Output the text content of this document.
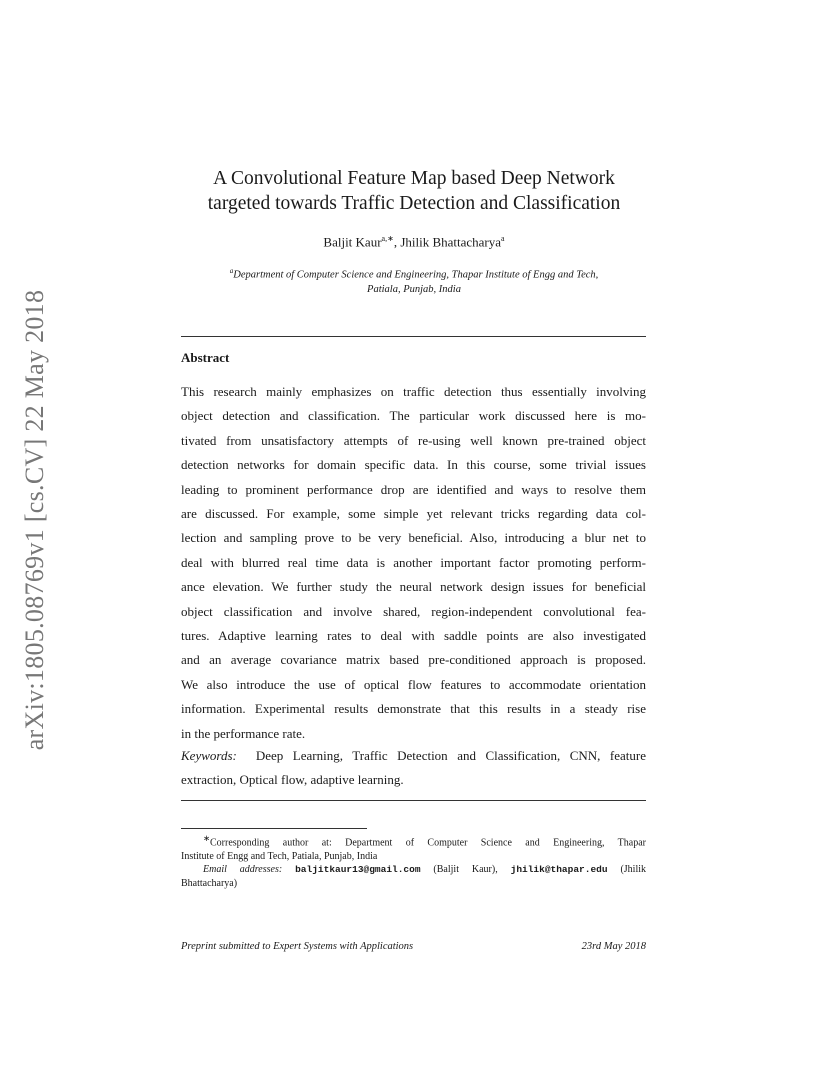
arXiv:1805.08769v1 [cs.CV] 22 May 2018
A Convolutional Feature Map based Deep Network
targeted towards Traffic Detection and Classification
Baljit Kaur$^{a,∗}$, Jhilik Bhattacharya$^a$
$^a$Department of Computer Science and Engineering, Thapar Institute of Engg and Tech,
Patiala, Punjab, India
Abstract
This research mainly emphasizes on traffic detection thus essentially involving
object detection and classification. The particular work discussed here is mo-
tivated from unsatisfactory attempts of re-using well known pre-trained object
detection networks for domain specific data. In this course, some trivial issues
leading to prominent performance drop are identified and ways to resolve them
are discussed. For example, some simple yet relevant tricks regarding data col-
lection and sampling prove to be very beneficial. Also, introducing a blur net to
deal with blurred real time data is another important factor promoting perform-
ance elevation. We further study the neural network design issues for beneficial
object classification and involve shared, region-independent convolutional fea-
tures. Adaptive learning rates to deal with saddle points are also investigated
and an average covariance matrix based pre-conditioned approach is proposed.
We also introduce the use of optical flow features to accommodate orientation
information. Experimental results demonstrate that this results in a steady rise
in the performance rate.
Keywords: Deep Learning, Traffic Detection and Classification, CNN, feature
extraction, Optical flow, adaptive learning.
∗Corresponding author at: Department of Computer Science and Engineering, Thapar
Institute of Engg and Tech, Patiala, Punjab, India
Email addresses: baljitkaur13@gmail.com (Baljit Kaur), jhilik@thapar.edu (Jhilik
Bhattacharya)
Preprint submitted to Expert Systems with Applications	23rd May 2018
